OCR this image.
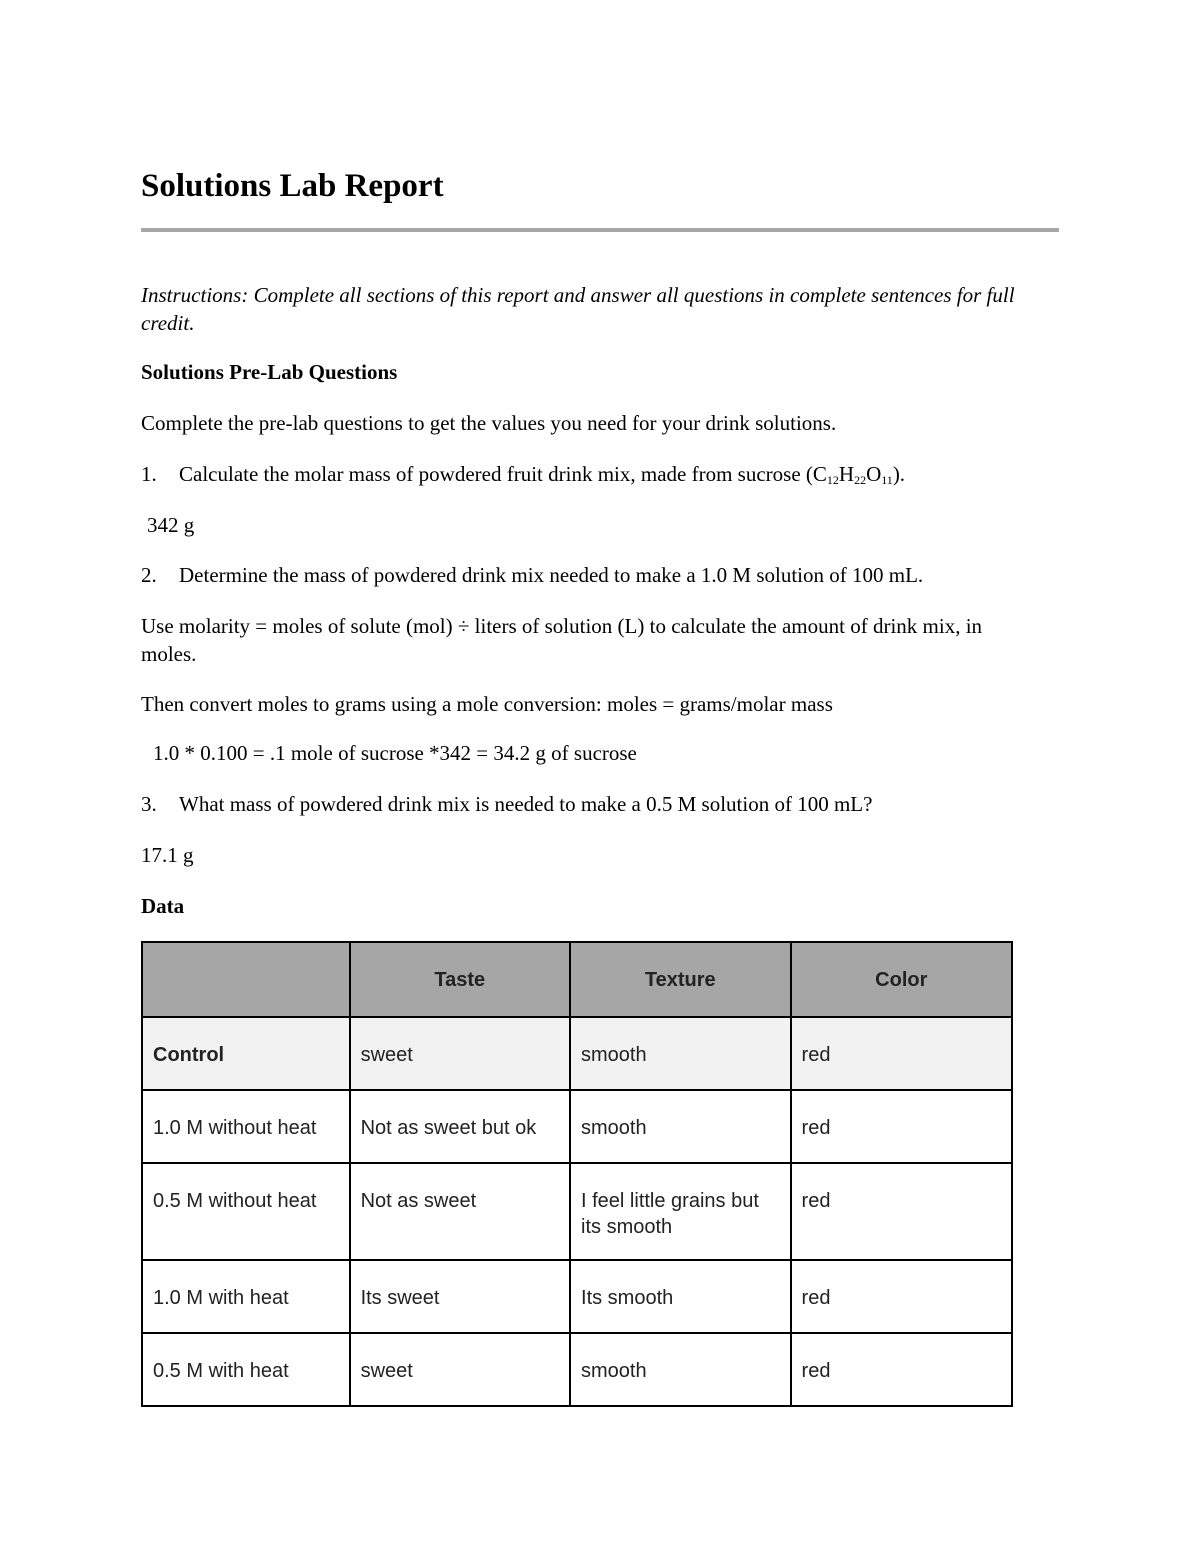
Solutions Lab Report

Instructions: Complete all sections of this report and answer all questions in complete sentences for full credit.

Solutions Pre-Lab Questions

Complete the pre-lab questions to get the values you need for your drink solutions.

1. Calculate the molar mass of powdered fruit drink mix, made from sucrose $(C_{12}H_{22}O_{11})$.

342 g

2. Determine the mass of powdered drink mix needed to make a 1.0 M solution of 100 mL.

Use molarity = moles of solute (mol) ÷ liters of solution (L) to calculate the amount of drink mix, in moles.

Then convert moles to grams using a mole conversion: moles = grams/molar mass

1.0 * 0.100 = .1 mole of sucrose *342 = 34.2 g of sucrose

3. What mass of powdered drink mix is needed to make a 0.5 M solution of 100 mL?

17.1 g

Data

	Taste	Texture	Color
Control	sweet	smooth	red
1.0 M without heat	Not as sweet but ok	smooth	red
0.5 M without heat	Not as sweet	I feel little grains but its smooth	red
1.0 M with heat	Its sweet	Its smooth	red
0.5 M with heat	sweet	smooth	red
